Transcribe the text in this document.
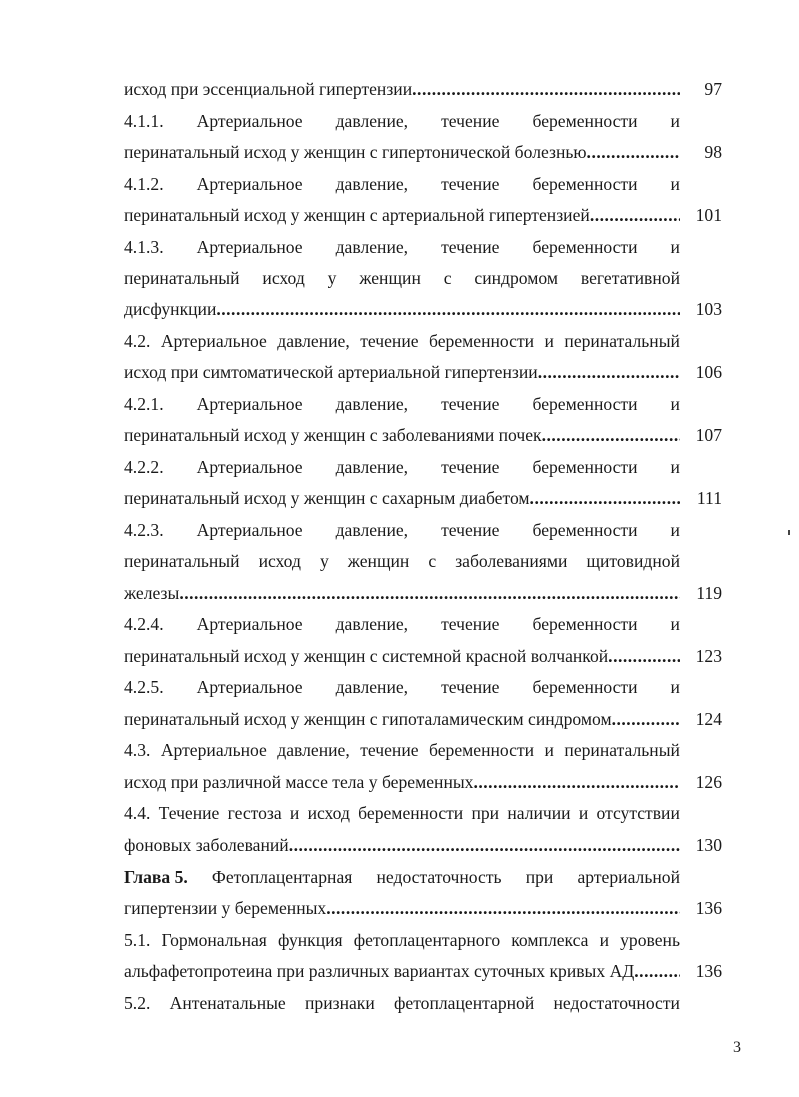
исход при эссенциальной гипертензии .....	97
4.1.1. Артериальное давление, течение беременности и
перинатальный исход у женщин с гипертонической болезнью .....	98
4.1.2. Артериальное давление, течение беременности и
перинатальный исход у женщин с артериальной гипертензией .....	101
4.1.3. Артериальное давление, течение беременности и
перинатальный исход у женщин с синдромом вегетативной
дисфункции .....	103
4.2. Артериальное давление, течение беременности и перинатальный
исход при симтоматической артериальной гипертензии .....	106
4.2.1. Артериальное давление, течение беременности и
перинатальный исход у женщин с заболеваниями почек .....	107
4.2.2. Артериальное давление, течение беременности и
перинатальный исход у женщин с сахарным диабетом .....	111
4.2.3. Артериальное давление, течение беременности и
перинатальный исход у женщин с заболеваниями щитовидной
железы .....	119
4.2.4. Артериальное давление, течение беременности и
перинатальный исход у женщин с системной красной волчанкой .....	123
4.2.5. Артериальное давление, течение беременности и
перинатальный исход у женщин с гипоталамическим синдромом .....	124
4.3. Артериальное давление, течение беременности и перинатальный
исход при различной массе тела у беременных .....	126
4.4. Течение гестоза и исход беременности при наличии и отсутствии
фоновых заболеваний .....	130
Глава 5. Фетоплацентарная недостаточность при артериальной
гипертензии у беременных .....	136
5.1. Гормональная функция фетоплацентарного комплекса и уровень
альфафетопротеина при различных вариантах суточных кривых АД .....	136
5.2. Антенатальные признаки фетоплацентарной недостаточности
3
